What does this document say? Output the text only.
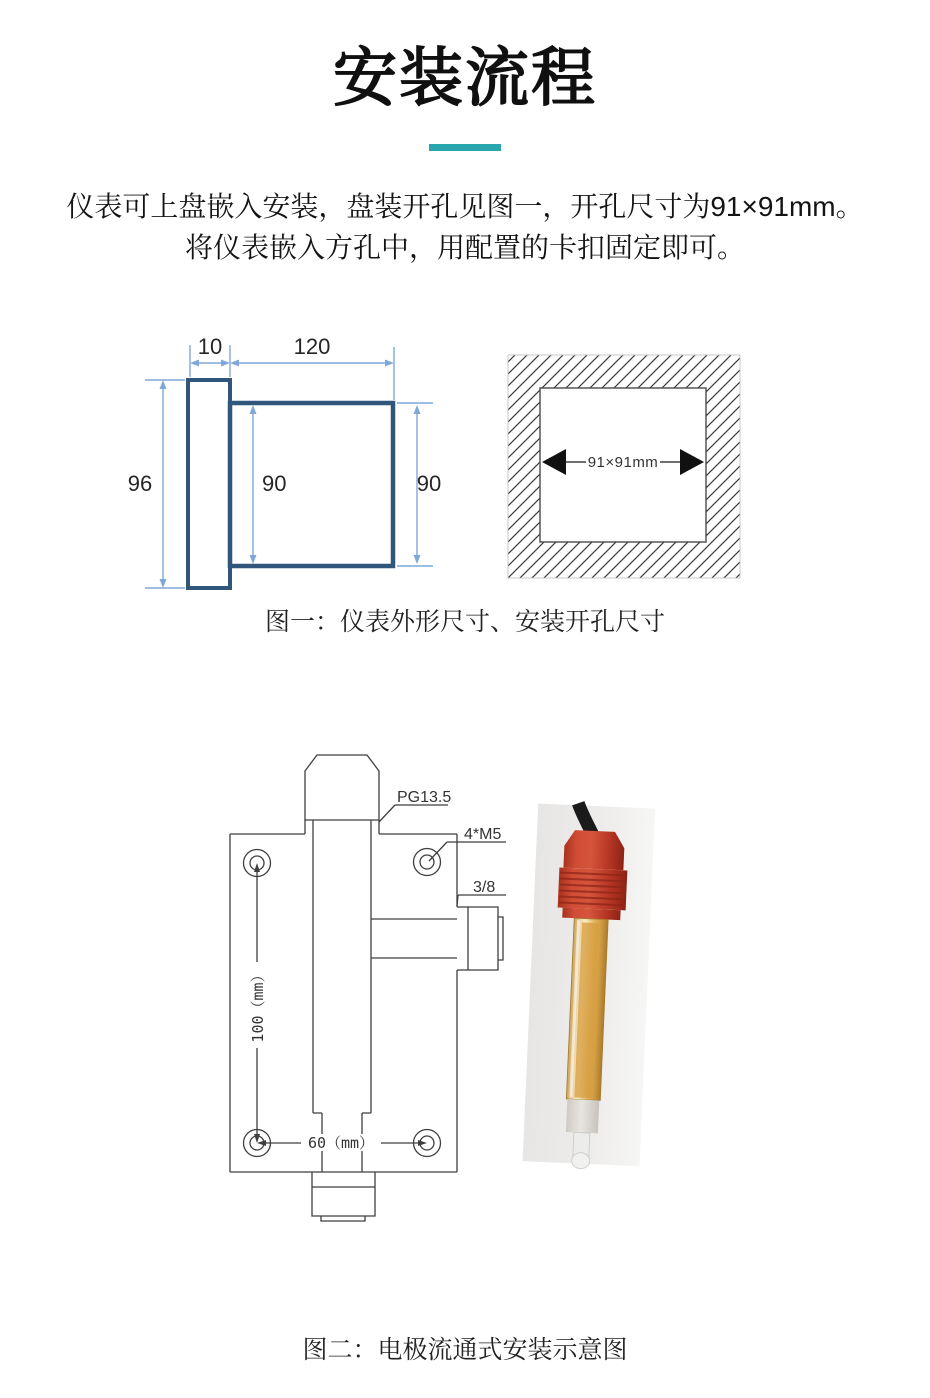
安装流程
仪表可上盘嵌入安装，盘装开孔见图一，开孔尺寸为91×91mm。
将仪表嵌入方孔中，用配置的卡扣固定即可。
10	120
96	90	90
91×91mm
图一：仪表外形尺寸、安装开孔尺寸
100（mm）
60（mm）
PG13.5
4*M5
3/8
图二：电极流通式安装示意图
